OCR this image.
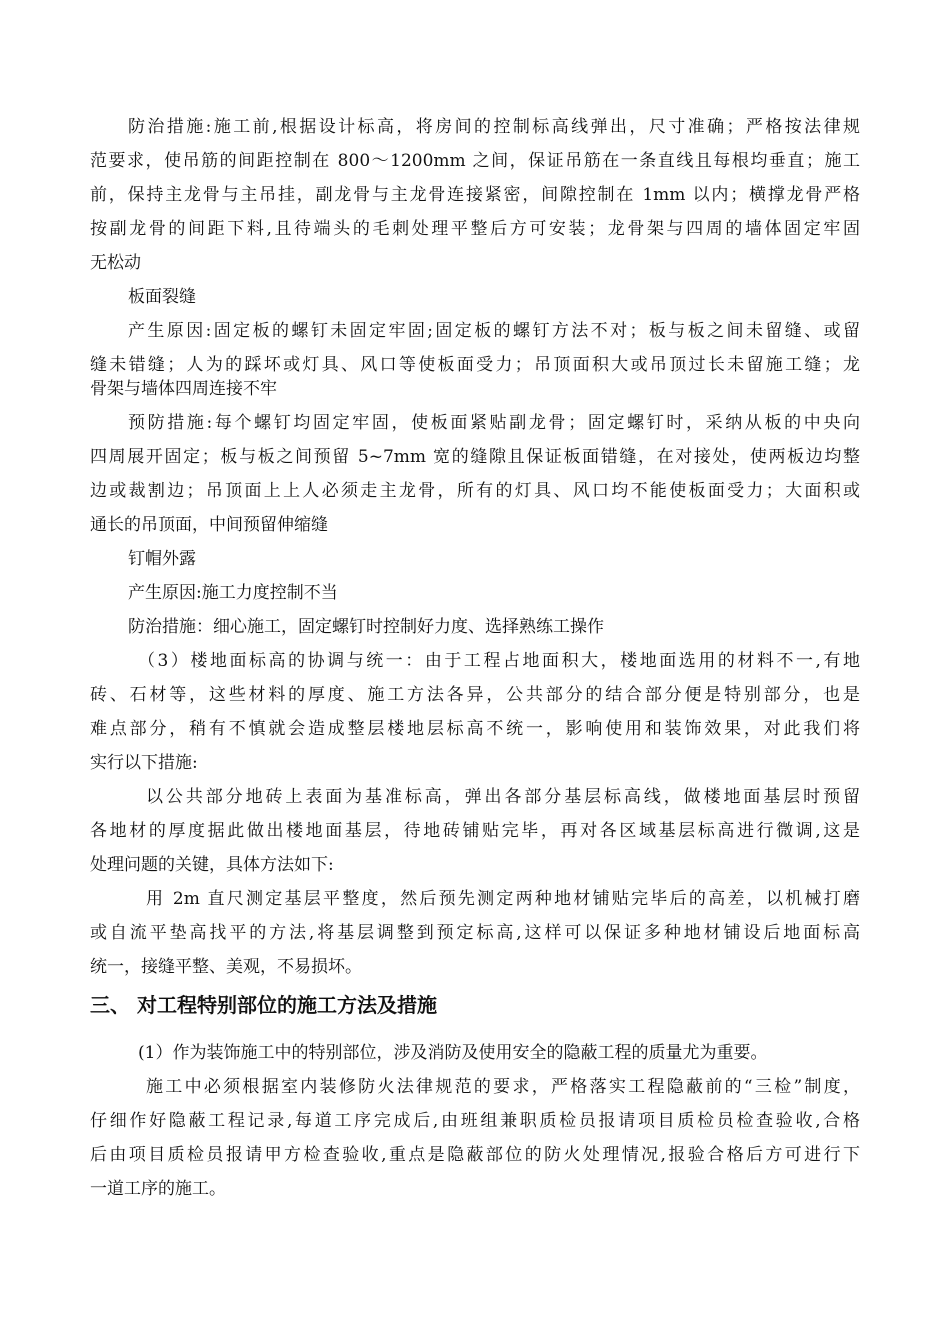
防治措施:施工前,根据设计标高，将房间的控制标高线弹出，尺寸准确；严格按法律规
范要求，使吊筋的间距控制在 800～1200mm 之间，保证吊筋在一条直线且每根均垂直；施工
前，保持主龙骨与主吊挂，副龙骨与主龙骨连接紧密，间隙控制在 1mm 以内；横撑龙骨严格
按副龙骨的间距下料,且待端头的毛刺处理平整后方可安装；龙骨架与四周的墙体固定牢固
无松动
板面裂缝
产生原因:固定板的螺钉未固定牢固;固定板的螺钉方法不对；板与板之间未留缝、或留
缝未错缝；人为的踩坏或灯具、风口等使板面受力；吊顶面积大或吊顶过长未留施工缝；龙
骨架与墙体四周连接不牢
预防措施:每个螺钉均固定牢固，使板面紧贴副龙骨；固定螺钉时，采纳从板的中央向
四周展开固定；板与板之间预留 5~7mm 宽的缝隙且保证板面错缝，在对接处，使两板边均整
边或裁割边；吊顶面上上人必须走主龙骨，所有的灯具、风口均不能使板面受力；大面积或
通长的吊顶面，中间预留伸缩缝
钉帽外露
产生原因:施工力度控制不当
防治措施：细心施工，固定螺钉时控制好力度、选择熟练工操作
（3）楼地面标高的协调与统一：由于工程占地面积大，楼地面选用的材料不一,有地
砖、石材等，这些材料的厚度、施工方法各异，公共部分的结合部分便是特别部分，也是
难点部分，稍有不慎就会造成整层楼地层标高不统一，影响使用和装饰效果，对此我们将
实行以下措施:
以公共部分地砖上表面为基准标高，弹出各部分基层标高线，做楼地面基层时预留
各地材的厚度据此做出楼地面基层，待地砖铺贴完毕，再对各区域基层标高进行微调,这是
处理问题的关键，具体方法如下:
用 2m 直尺测定基层平整度，然后预先测定两种地材铺贴完毕后的高差，以机械打磨
或自流平垫高找平的方法,将基层调整到预定标高,这样可以保证多种地材铺设后地面标高
统一，接缝平整、美观，不易损坏。
三、 对工程特别部位的施工方法及措施
(1）作为装饰施工中的特别部位，涉及消防及使用安全的隐蔽工程的质量尤为重要。
施工中必须根据室内装修防火法律规范的要求，严格落实工程隐蔽前的“三检”制度，
仔细作好隐蔽工程记录,每道工序完成后,由班组兼职质检员报请项目质检员检查验收,合格
后由项目质检员报请甲方检查验收,重点是隐蔽部位的防火处理情况,报验合格后方可进行下
一道工序的施工。
